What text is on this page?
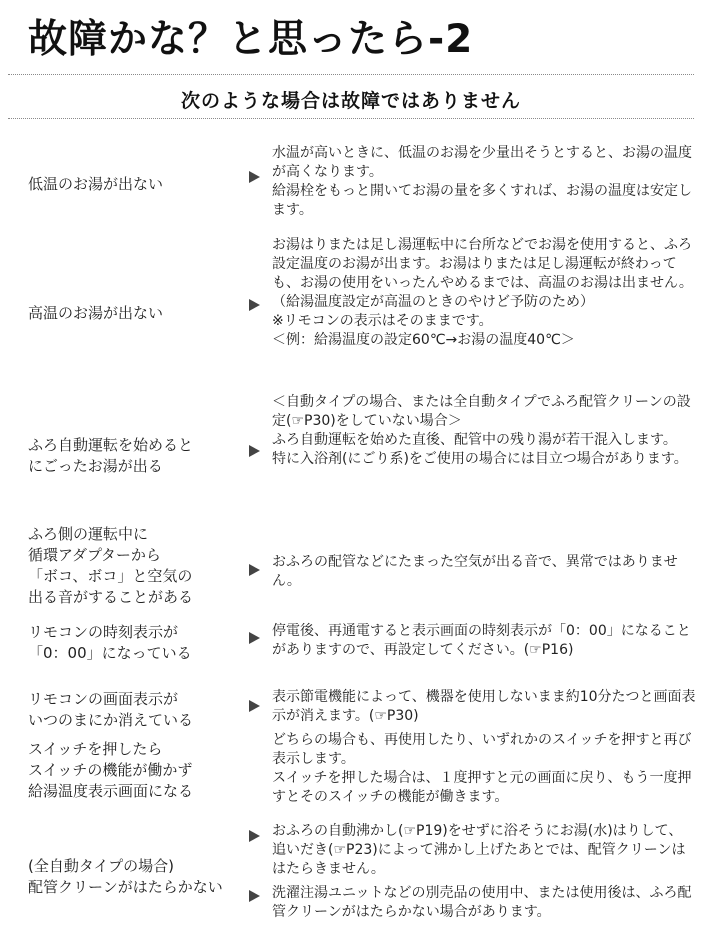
故障かな？と思ったら-2
次のような場合は故障ではありません
低温のお湯が出ない
水温が高いときに、低温のお湯を少量出そうとすると、お湯の温度が高くなります。
給湯栓をもっと開いてお湯の量を多くすれば、お湯の温度は安定します。
高温のお湯が出ない
お湯はりまたは足し湯運転中に台所などでお湯を使用すると、ふろ設定温度のお湯が出ます。お湯はりまたは足し湯運転が終わっても、お湯の使用をいったんやめるまでは、高温のお湯は出ません。（給湯温度設定が高温のときのやけど予防のため）
※リモコンの表示はそのままです。
＜例：給湯温度の設定60℃→お湯の温度40℃＞
ふろ自動運転を始めると
にごったお湯が出る
＜自動タイプの場合、または全自動タイプでふろ配管クリーンの設定(☞P30)をしていない場合＞
ふろ自動運転を始めた直後、配管中の残り湯が若干混入します。
特に入浴剤(にごり系)をご使用の場合には目立つ場合があります。
ふろ側の運転中に
循環アダプターから
「ボコ、ボコ」と空気の
出る音がすることがある
おふろの配管などにたまった空気が出る音で、異常ではありません。
リモコンの時刻表示が
「0：00」になっている
停電後、再通電すると表示画面の時刻表示が「0：00」になることがありますので、再設定してください。(☞P16)
リモコンの画面表示が
いつのまにか消えている
表示節電機能によって、機器を使用しないまま約10分たつと画面表示が消えます。(☞P30)
スイッチを押したら
スイッチの機能が働かず
給湯温度表示画面になる
どちらの場合も、再使用したり、いずれかのスイッチを押すと再び表示します。
スイッチを押した場合は、１度押すと元の画面に戻り、もう一度押すとそのスイッチの機能が働きます。
(全自動タイプの場合)
配管クリーンがはたらかない
おふろの自動沸かし(☞P19)をせずに浴そうにお湯(水)はりして、追いだき(☞P23)によって沸かし上げたあとでは、配管クリーンははたらきません。
洗濯注湯ユニットなどの別売品の使用中、または使用後は、ふろ配管クリーンがはたらかない場合があります。
